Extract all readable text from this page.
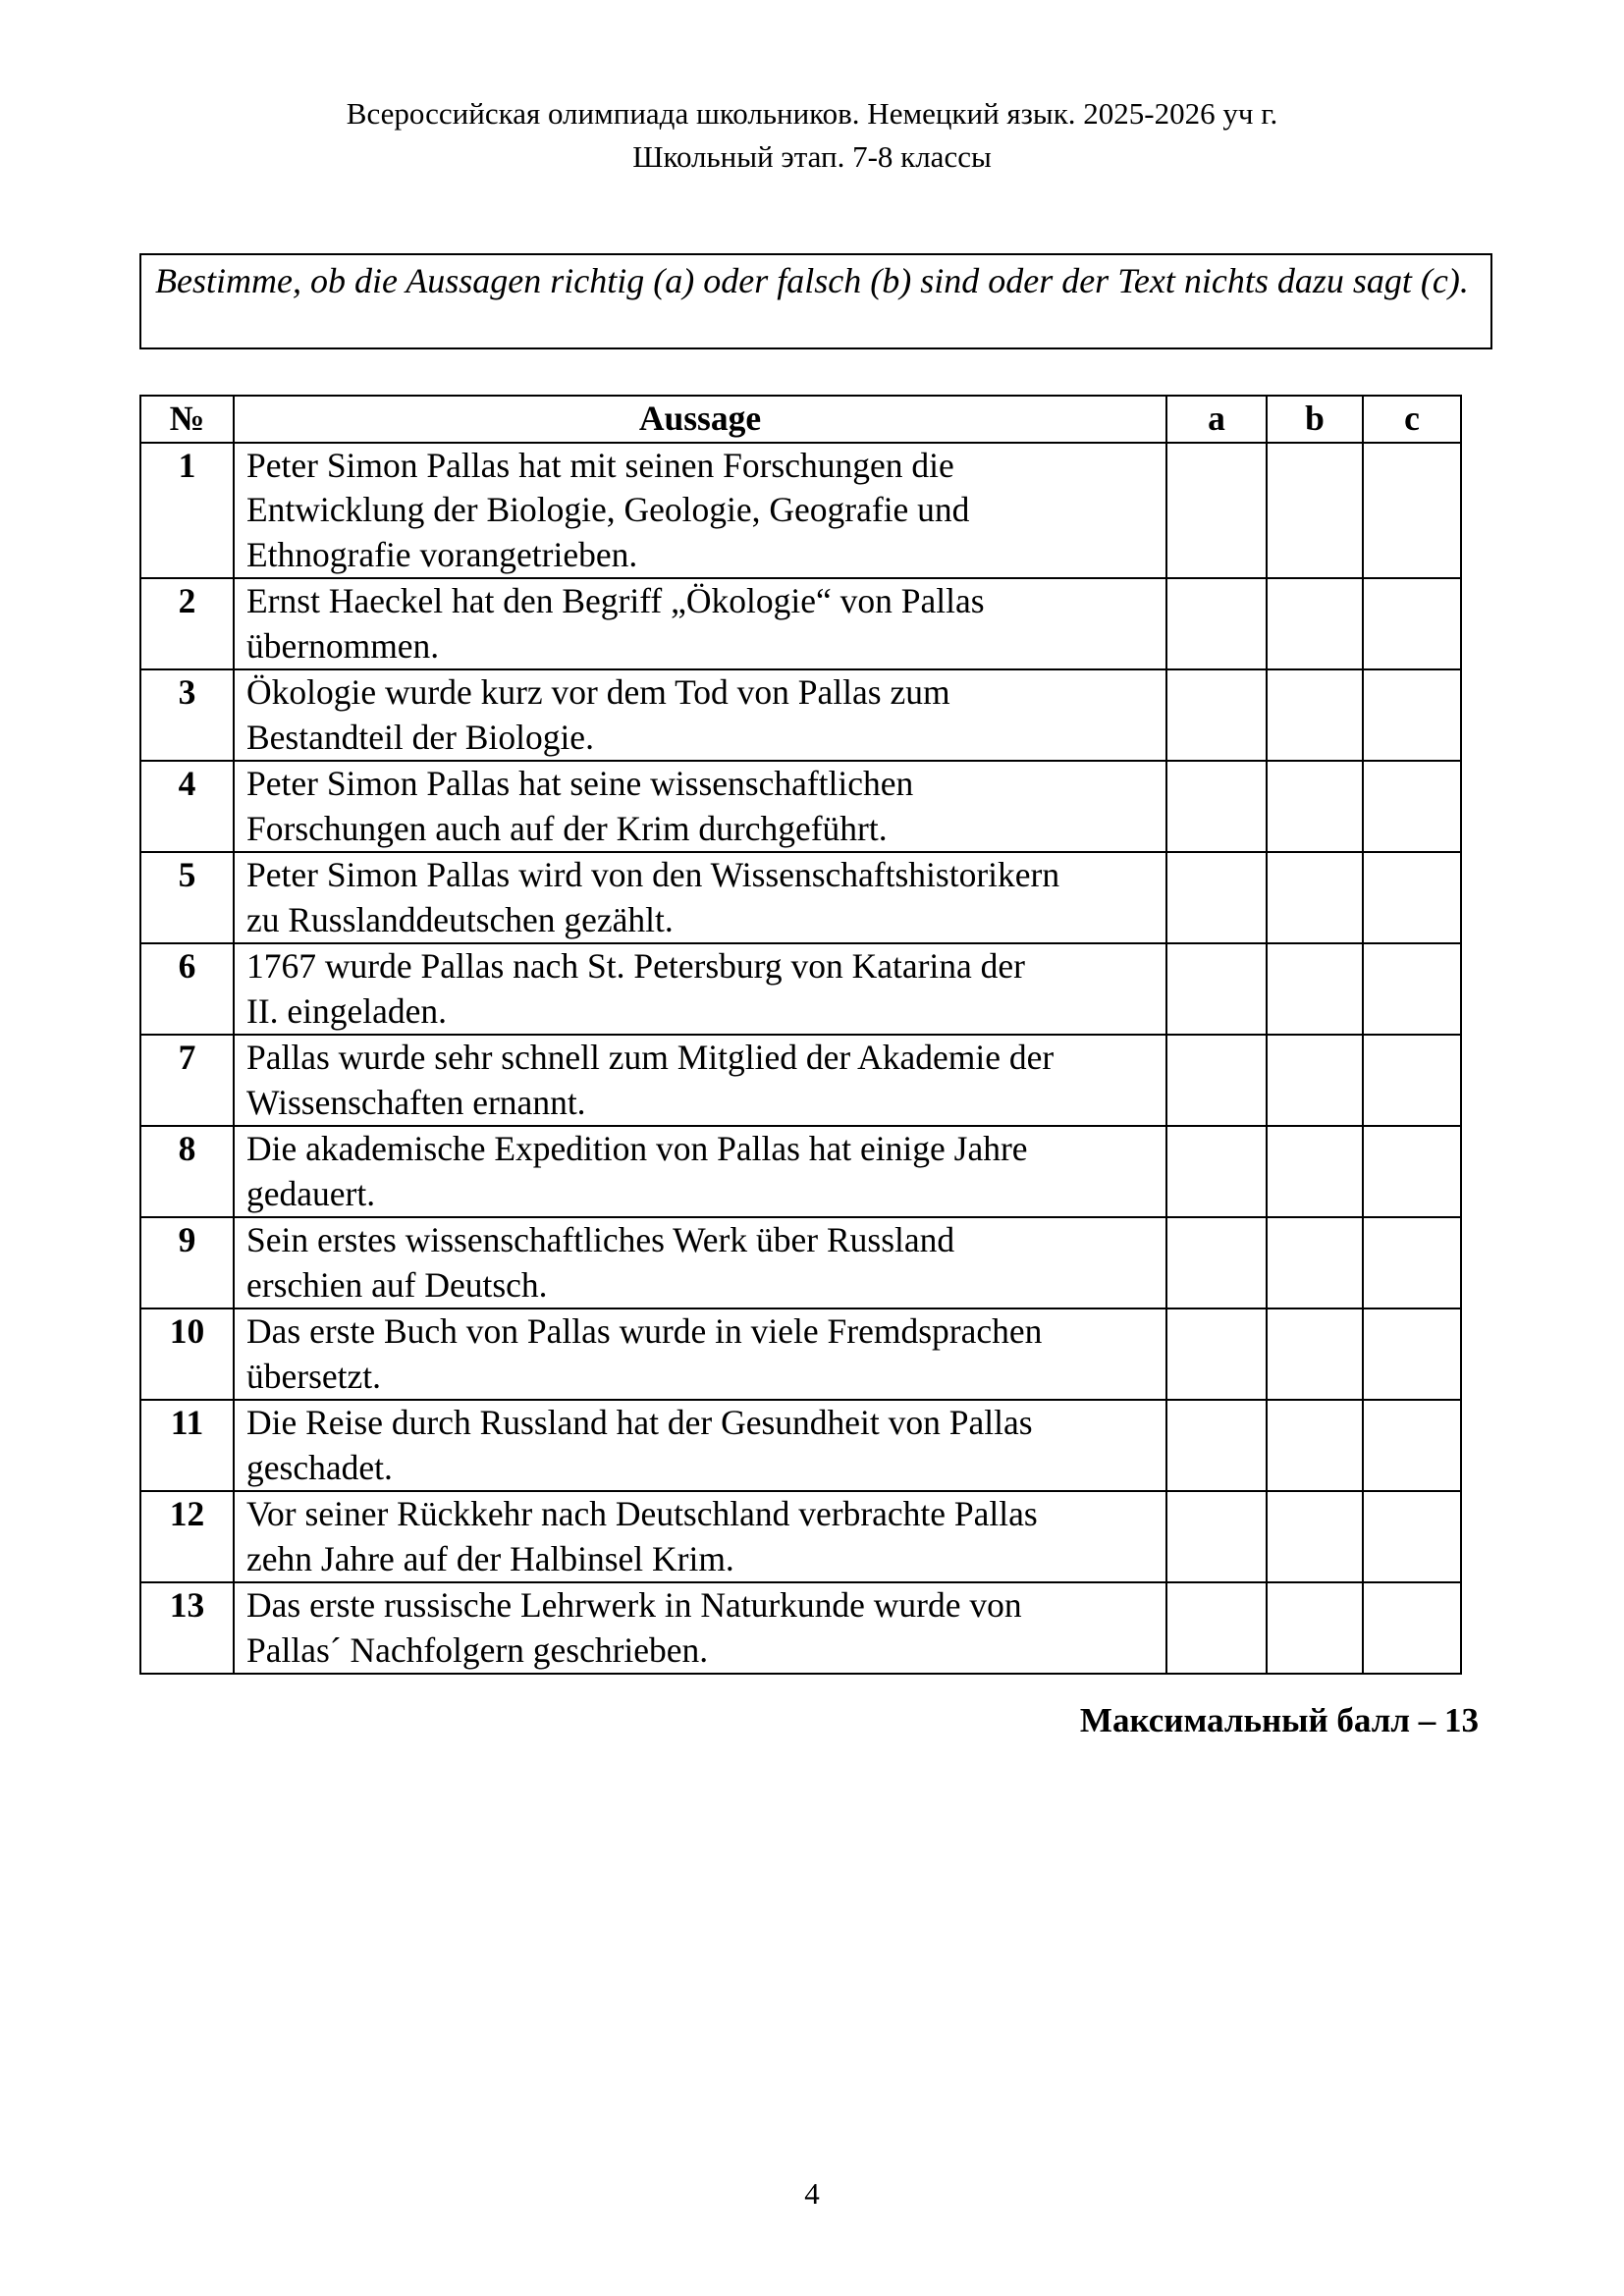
Всероссийская олимпиада школьников. Немецкий язык. 2025-2026 уч г.
Школьный этап. 7-8 классы
Bestimme, ob die Aussagen richtig (a) oder falsch (b) sind oder der Text nichts dazu sagt (c).
№	Aussage	a	b	c
1	Peter Simon Pallas hat mit seinen Forschungen die
Entwicklung der Biologie, Geologie, Geografie und
Ethnografie vorangetrieben.			
2	Ernst Haeckel hat den Begriff „Ökologie“ von Pallas
übernommen.			
3	Ökologie wurde kurz vor dem Tod von Pallas zum
Bestandteil der Biologie.			
4	Peter Simon Pallas hat seine wissenschaftlichen
Forschungen auch auf der Krim durchgeführt.			
5	Peter Simon Pallas wird von den Wissenschaftshistorikern
zu Russlanddeutschen gezählt.			
6	1767 wurde Pallas nach St. Petersburg von Katarina der
II. eingeladen.			
7	Pallas wurde sehr schnell zum Mitglied der Akademie der
Wissenschaften ernannt.			
8	Die akademische Expedition von Pallas hat einige Jahre
gedauert.			
9	Sein erstes wissenschaftliches Werk über Russland
erschien auf Deutsch.			
10	Das erste Buch von Pallas wurde in viele Fremdsprachen
übersetzt.			
11	Die Reise durch Russland hat der Gesundheit von Pallas
geschadet.			
12	Vor seiner Rückkehr nach Deutschland verbrachte Pallas
zehn Jahre auf der Halbinsel Krim.			
13	Das erste russische Lehrwerk in Naturkunde wurde von
Pallas´ Nachfolgern geschrieben.			
Максимальный балл – 13
4
